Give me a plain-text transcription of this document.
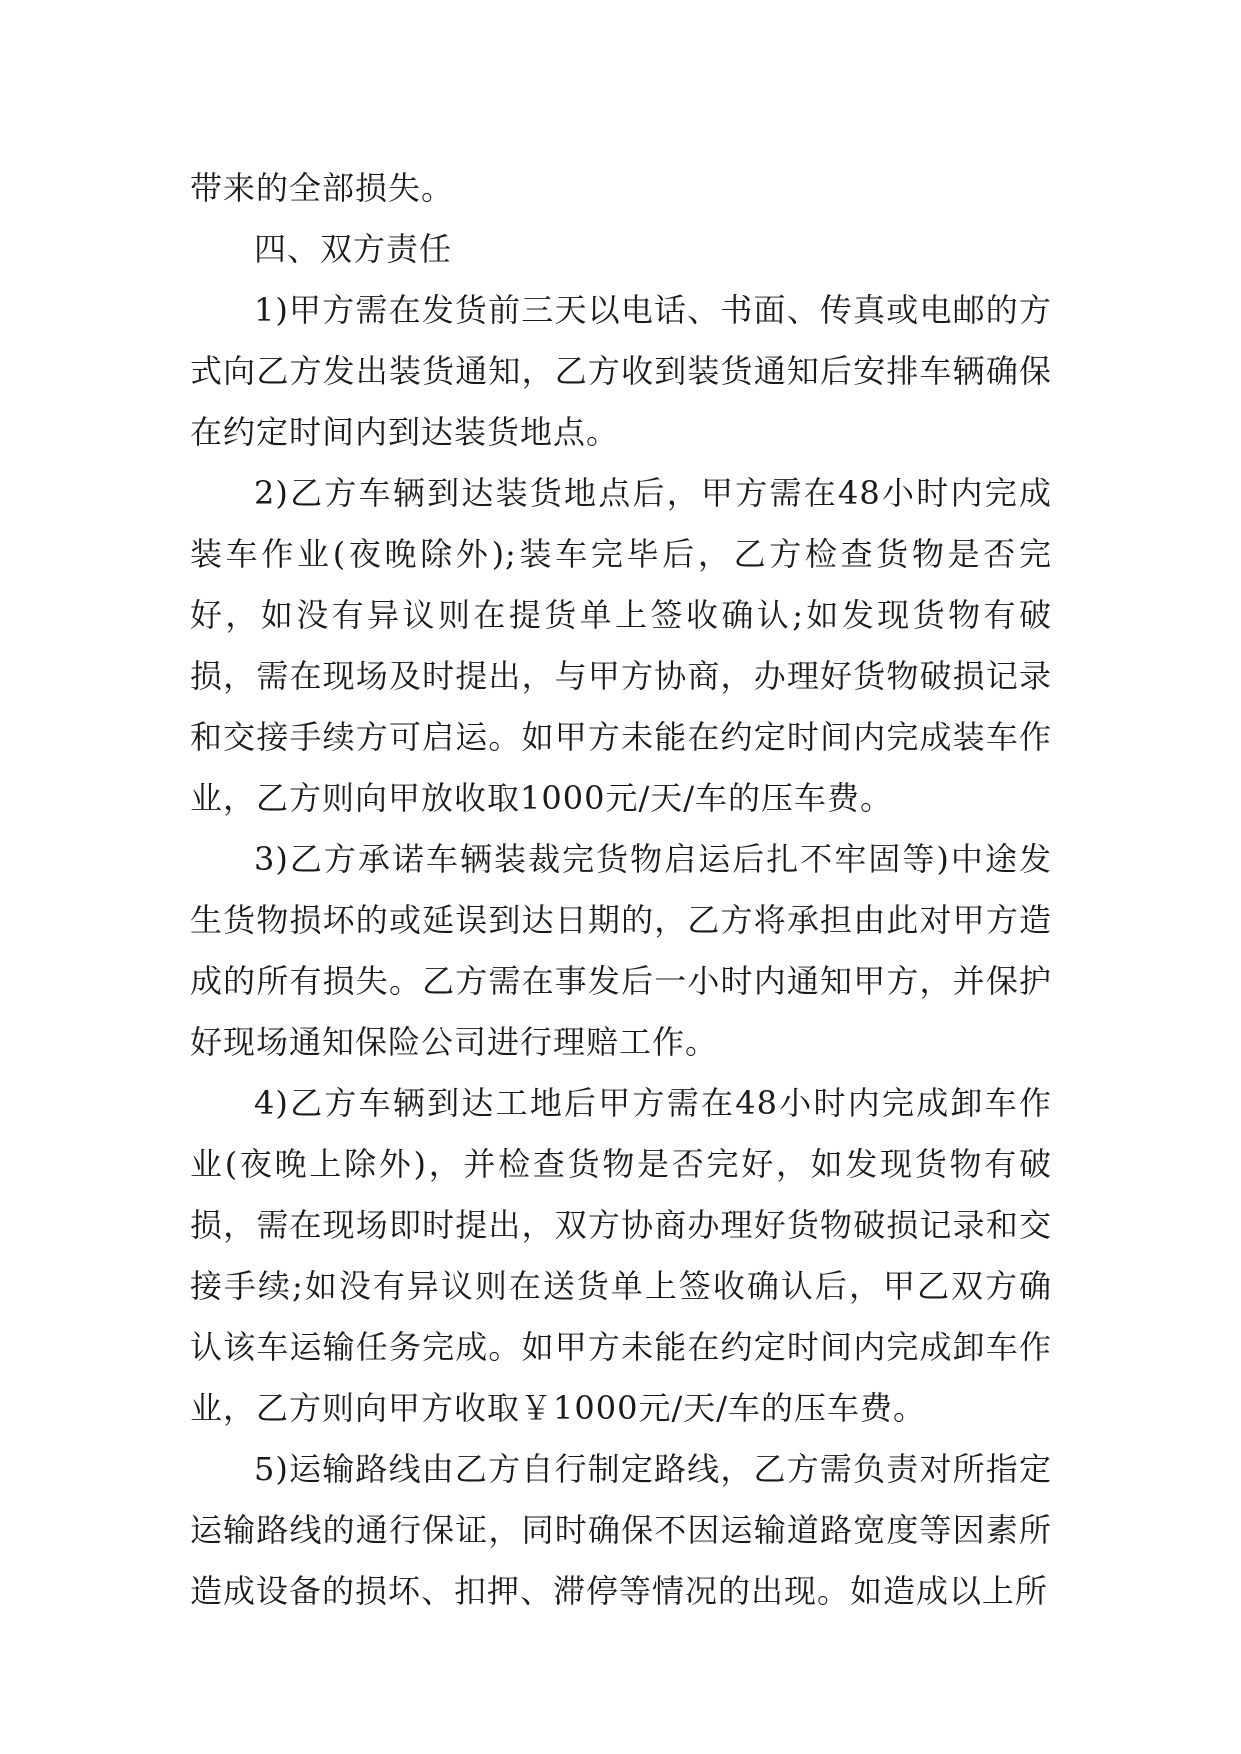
带来的全部损失。

四、双方责任

1)甲方需在发货前三天以电话、书面、传真或电邮的方式向乙方发出装货通知，乙方收到装货通知后安排车辆确保在约定时间内到达装货地点。

2)乙方车辆到达装货地点后，甲方需在48小时内完成装车作业(夜晚除外);装车完毕后，乙方检查货物是否完好，如没有异议则在提货单上签收确认;如发现货物有破损，需在现场及时提出，与甲方协商，办理好货物破损记录和交接手续方可启运。如甲方未能在约定时间内完成装车作业，乙方则向甲放收取1000元/天/车的压车费。

3)乙方承诺车辆装裁完货物启运后扎不牢固等)中途发生货物损坏的或延误到达日期的，乙方将承担由此对甲方造成的所有损失。乙方需在事发后一小时内通知甲方，并保护好现场通知保险公司进行理赔工作。

4)乙方车辆到达工地后甲方需在48小时内完成卸车作业(夜晚上除外)，并检查货物是否完好，如发现货物有破损，需在现场即时提出，双方协商办理好货物破损记录和交接手续;如没有异议则在送货单上签收确认后，甲乙双方确认该车运输任务完成。如甲方未能在约定时间内完成卸车作业，乙方则向甲方收取￥1000元/天/车的压车费。

5)运输路线由乙方自行制定路线，乙方需负责对所指定运输路线的通行保证，同时确保不因运输道路宽度等因素所造成设备的损坏、扣押、滞停等情况的出现。如造成以上所
